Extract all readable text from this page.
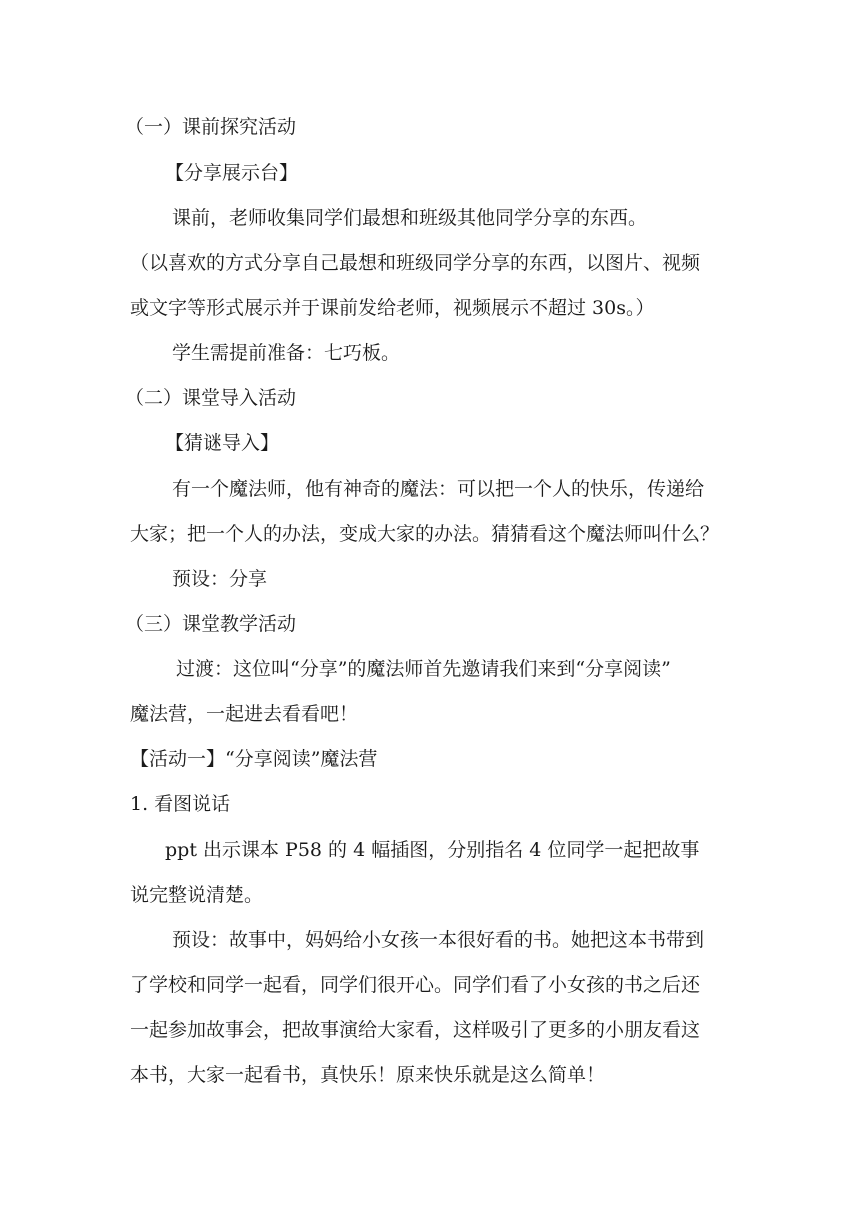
（一）课前探究活动
【分享展示台】
课前，老师收集同学们最想和班级其他同学分享的东西。
（以喜欢的方式分享自己最想和班级同学分享的东西，以图片、视频
或文字等形式展示并于课前发给老师，视频展示不超过 30s。）
学生需提前准备：七巧板。
（二）课堂导入活动
【猜谜导入】
有一个魔法师，他有神奇的魔法：可以把一个人的快乐，传递给
大家；把一个人的办法，变成大家的办法。猜猜看这个魔法师叫什么？
预设：分享
（三）课堂教学活动
过渡：这位叫“分享”的魔法师首先邀请我们来到“分享阅读”
魔法营，一起进去看看吧！
【活动一】“分享阅读”魔法营
1. 看图说话
ppt 出示课本 P58 的 4 幅插图，分别指名 4 位同学一起把故事
说完整说清楚。
预设：故事中，妈妈给小女孩一本很好看的书。她把这本书带到
了学校和同学一起看，同学们很开心。同学们看了小女孩的书之后还
一起参加故事会，把故事演给大家看，这样吸引了更多的小朋友看这
本书，大家一起看书，真快乐！原来快乐就是这么简单！
